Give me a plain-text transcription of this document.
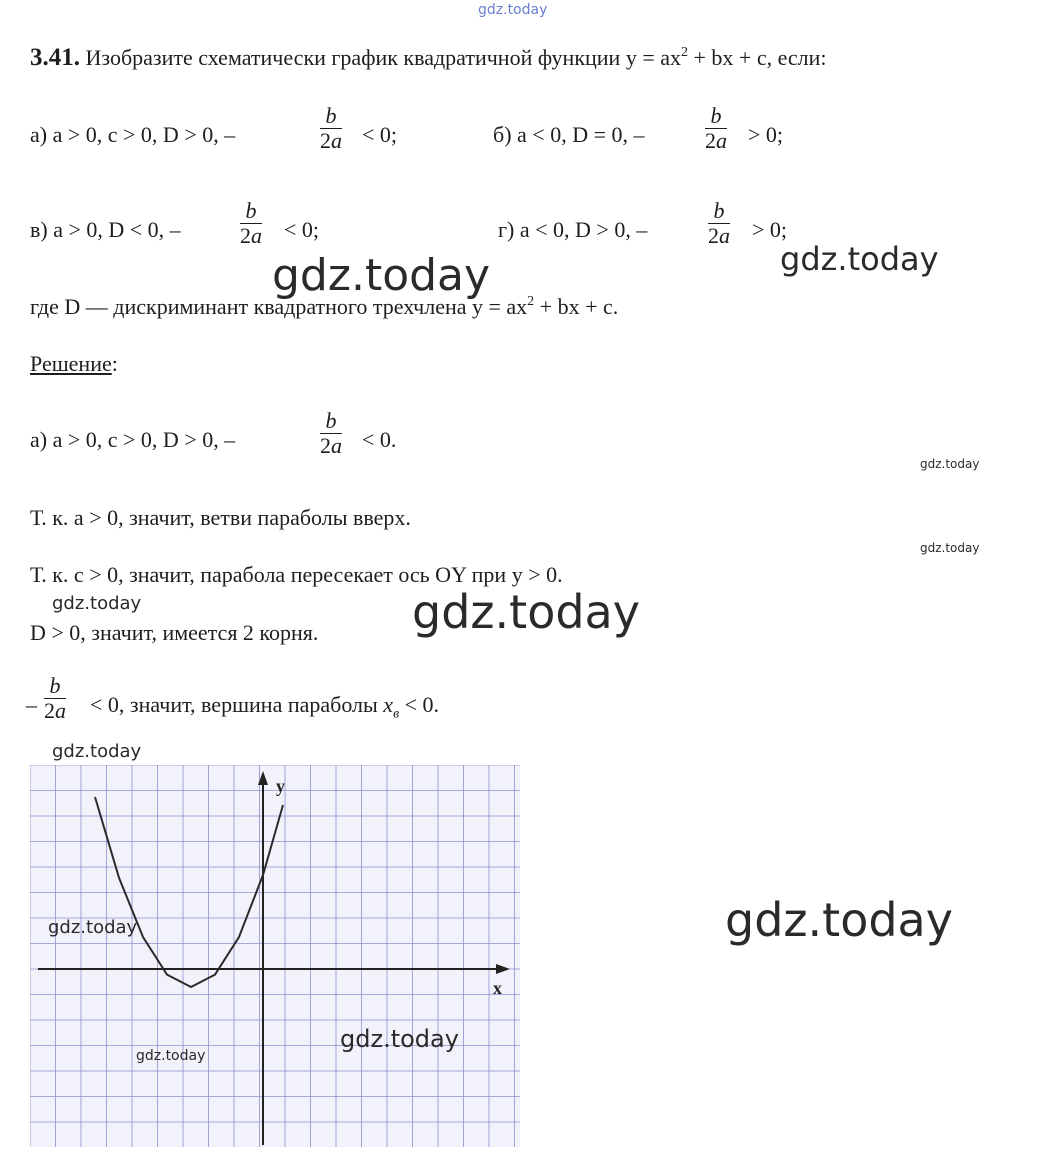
gdz.today
3.41. Изобразите схематически график квадратичной функции $y = ax^2$ + bx + c, если:
а) a > 0, c > 0, D > 0, –
b
2a < 0;	б) a < 0, D = 0, –
b
2a > 0;
в) a > 0, D < 0, –
b
2a < 0;	г) a < 0, D > 0, –
b
2a > 0;
где D — дискриминант квадратного трехчлена $y = ax^2$ + bx + c.
Решение:
а) a > 0, c > 0, D > 0, –
b
2a < 0.
Т. к. a > 0, значит, ветви параболы вверх.
Т. к. c > 0, значит, парабола пересекает ось OY при y > 0.
D > 0, значит, имеется 2 корня.
–
b
2a < 0, значит, вершина параболы $x_в < 0$.
x
y
gdz.today	gdz.today
gdz.today
gdz.today
gdz.today
gdz.today
gdz.today
gdz.today	gdz.today
gdz.today
gdz.today
